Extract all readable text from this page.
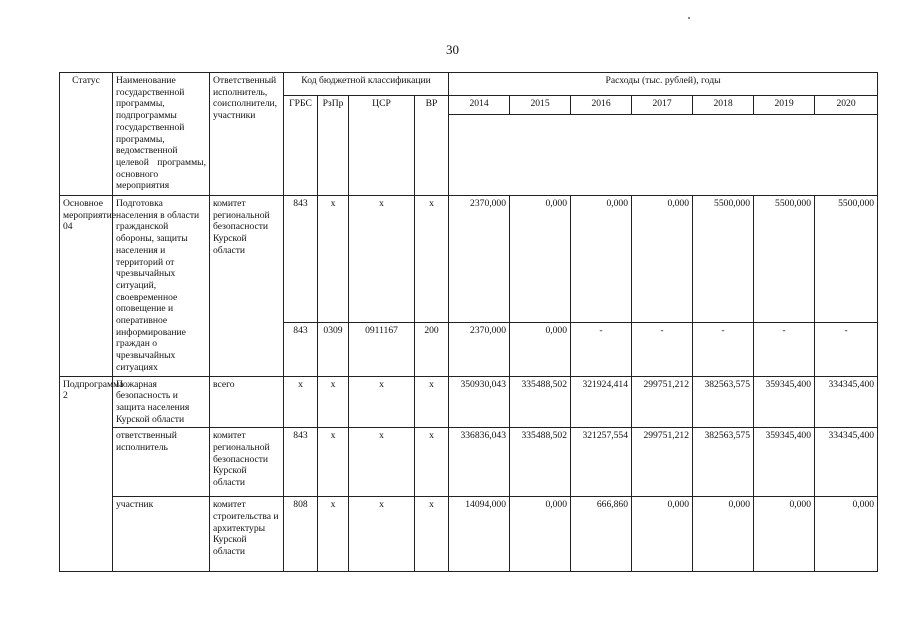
30
Статус	Наименование государственной программы, подпрограммы государственной программы, ведомственной целевой программы, основного мероприятия	Ответственный исполнитель, соисполнители, участники	Код бюджетной классификации				Расходы (тыс. рублей), годы						
			ГРБС	РзПр	ЦСР	ВР	2014	2015	2016	2017	2018	2019	2020

Основное мероприятие 04	Подготовка населения в области гражданской обороны, защиты населения и территорий от чрезвычайных ситуаций, своевременное оповещение и оперативное информирование граждан о чрезвычайных ситуациях	комитет региональной безопасности Курской области	843	х	х	х	2370,000	0,000	0,000	0,000	5500,000	5500,000	5500,000
			843	0309	0911167	200	2370,000	0,000	-	-	-	-	-
Подпрограмма 2	Пожарная безопасность и защита населения Курской области	всего	х	х	х	х	350930,043	335488,502	321924,414	299751,212	382563,575	359345,400	334345,400
	ответственный исполнитель	комитет региональной безопасности Курской области	843	х	х	х	336836,043	335488,502	321257,554	299751,212	382563,575	359345,400	334345,400
	участник	комитет строительства и архитектуры Курской области	808	х	х	х	14094,000	0,000	666,860	0,000	0,000	0,000	0,000
